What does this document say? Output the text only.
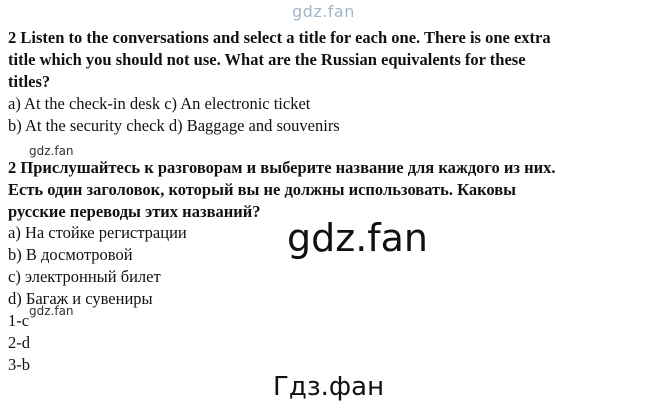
gdz.fan
2 Listen to the conversations and select a title for each one. There is one extra
title which you should not use. What are the Russian equivalents for these
titles?
a) At the check-in desk c) An electronic ticket
b) At the security check d) Baggage and souvenirs
gdz.fan
2 Прислушайтесь к разговорам и выберите название для каждого из них.
Есть один заголовок, который вы не должны использовать. Каковы
русские переводы этих названий?
a) На стойке регистрации
b) В досмотровой
c) электронный билет
d) Багаж и сувениры
1-c
2-d
3-b
gdz.fan
gdz.fan
Гдз.фан
